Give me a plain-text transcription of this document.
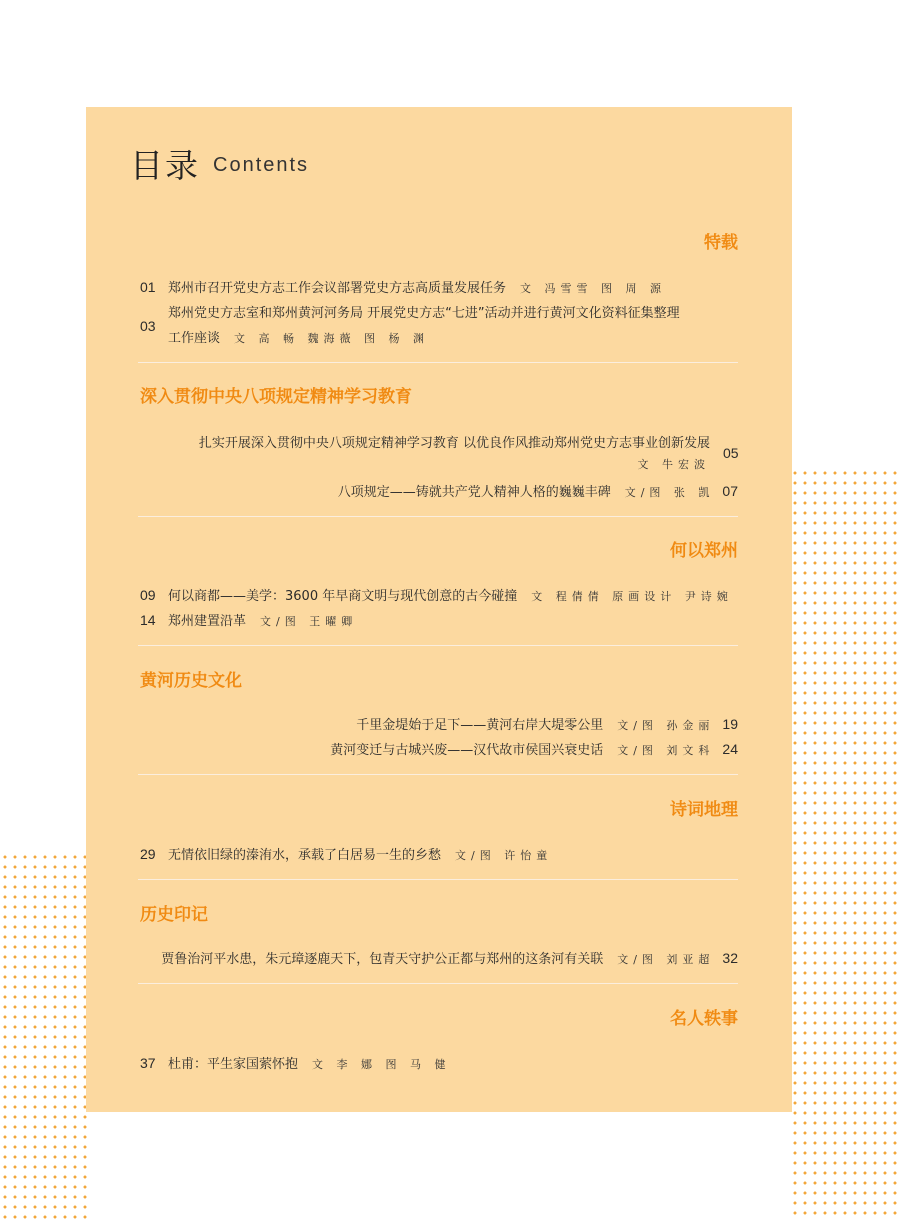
目录 Contents
特载
01 郑州市召开党史方志工作会议部署党史方志高质量发展任务 文 冯雪雪 图 周 源
03
郑州党史方志室和郑州黄河河务局 开展党史方志“七进”活动并进行黄河文化资料征集整理
工作座谈 文 高 畅 魏海薇 图 杨 渊
深入贯彻中央八项规定精神学习教育
扎实开展深入贯彻中央八项规定精神学习教育 以优良作风推动郑州党史方志事业创新发展
文 牛宏波
05
八项规定——铸就共产党人精神人格的巍巍丰碑 文/图 张 凯 07
何以郑州
09 何以商都——美学：3600 年早商文明与现代创意的古今碰撞 文 程倩倩 原画设计 尹诗婉
14 郑州建置沿革 文/图 王曜卿
黄河历史文化
千里金堤始于足下——黄河右岸大堤零公里 文/图 孙金丽 19
黄河变迁与古城兴废——汉代故市侯国兴衰史话 文/图 刘文科 24
诗词地理
29 无情依旧绿的溱洧水，承载了白居易一生的乡愁 文/图 许怡童
历史印记
贾鲁治河平水患，朱元璋逐鹿天下，包青天守护公正都与郑州的这条河有关联 文/图 刘亚超 32
名人轶事
37 杜甫：平生家国萦怀抱 文 李 娜 图 马 健
